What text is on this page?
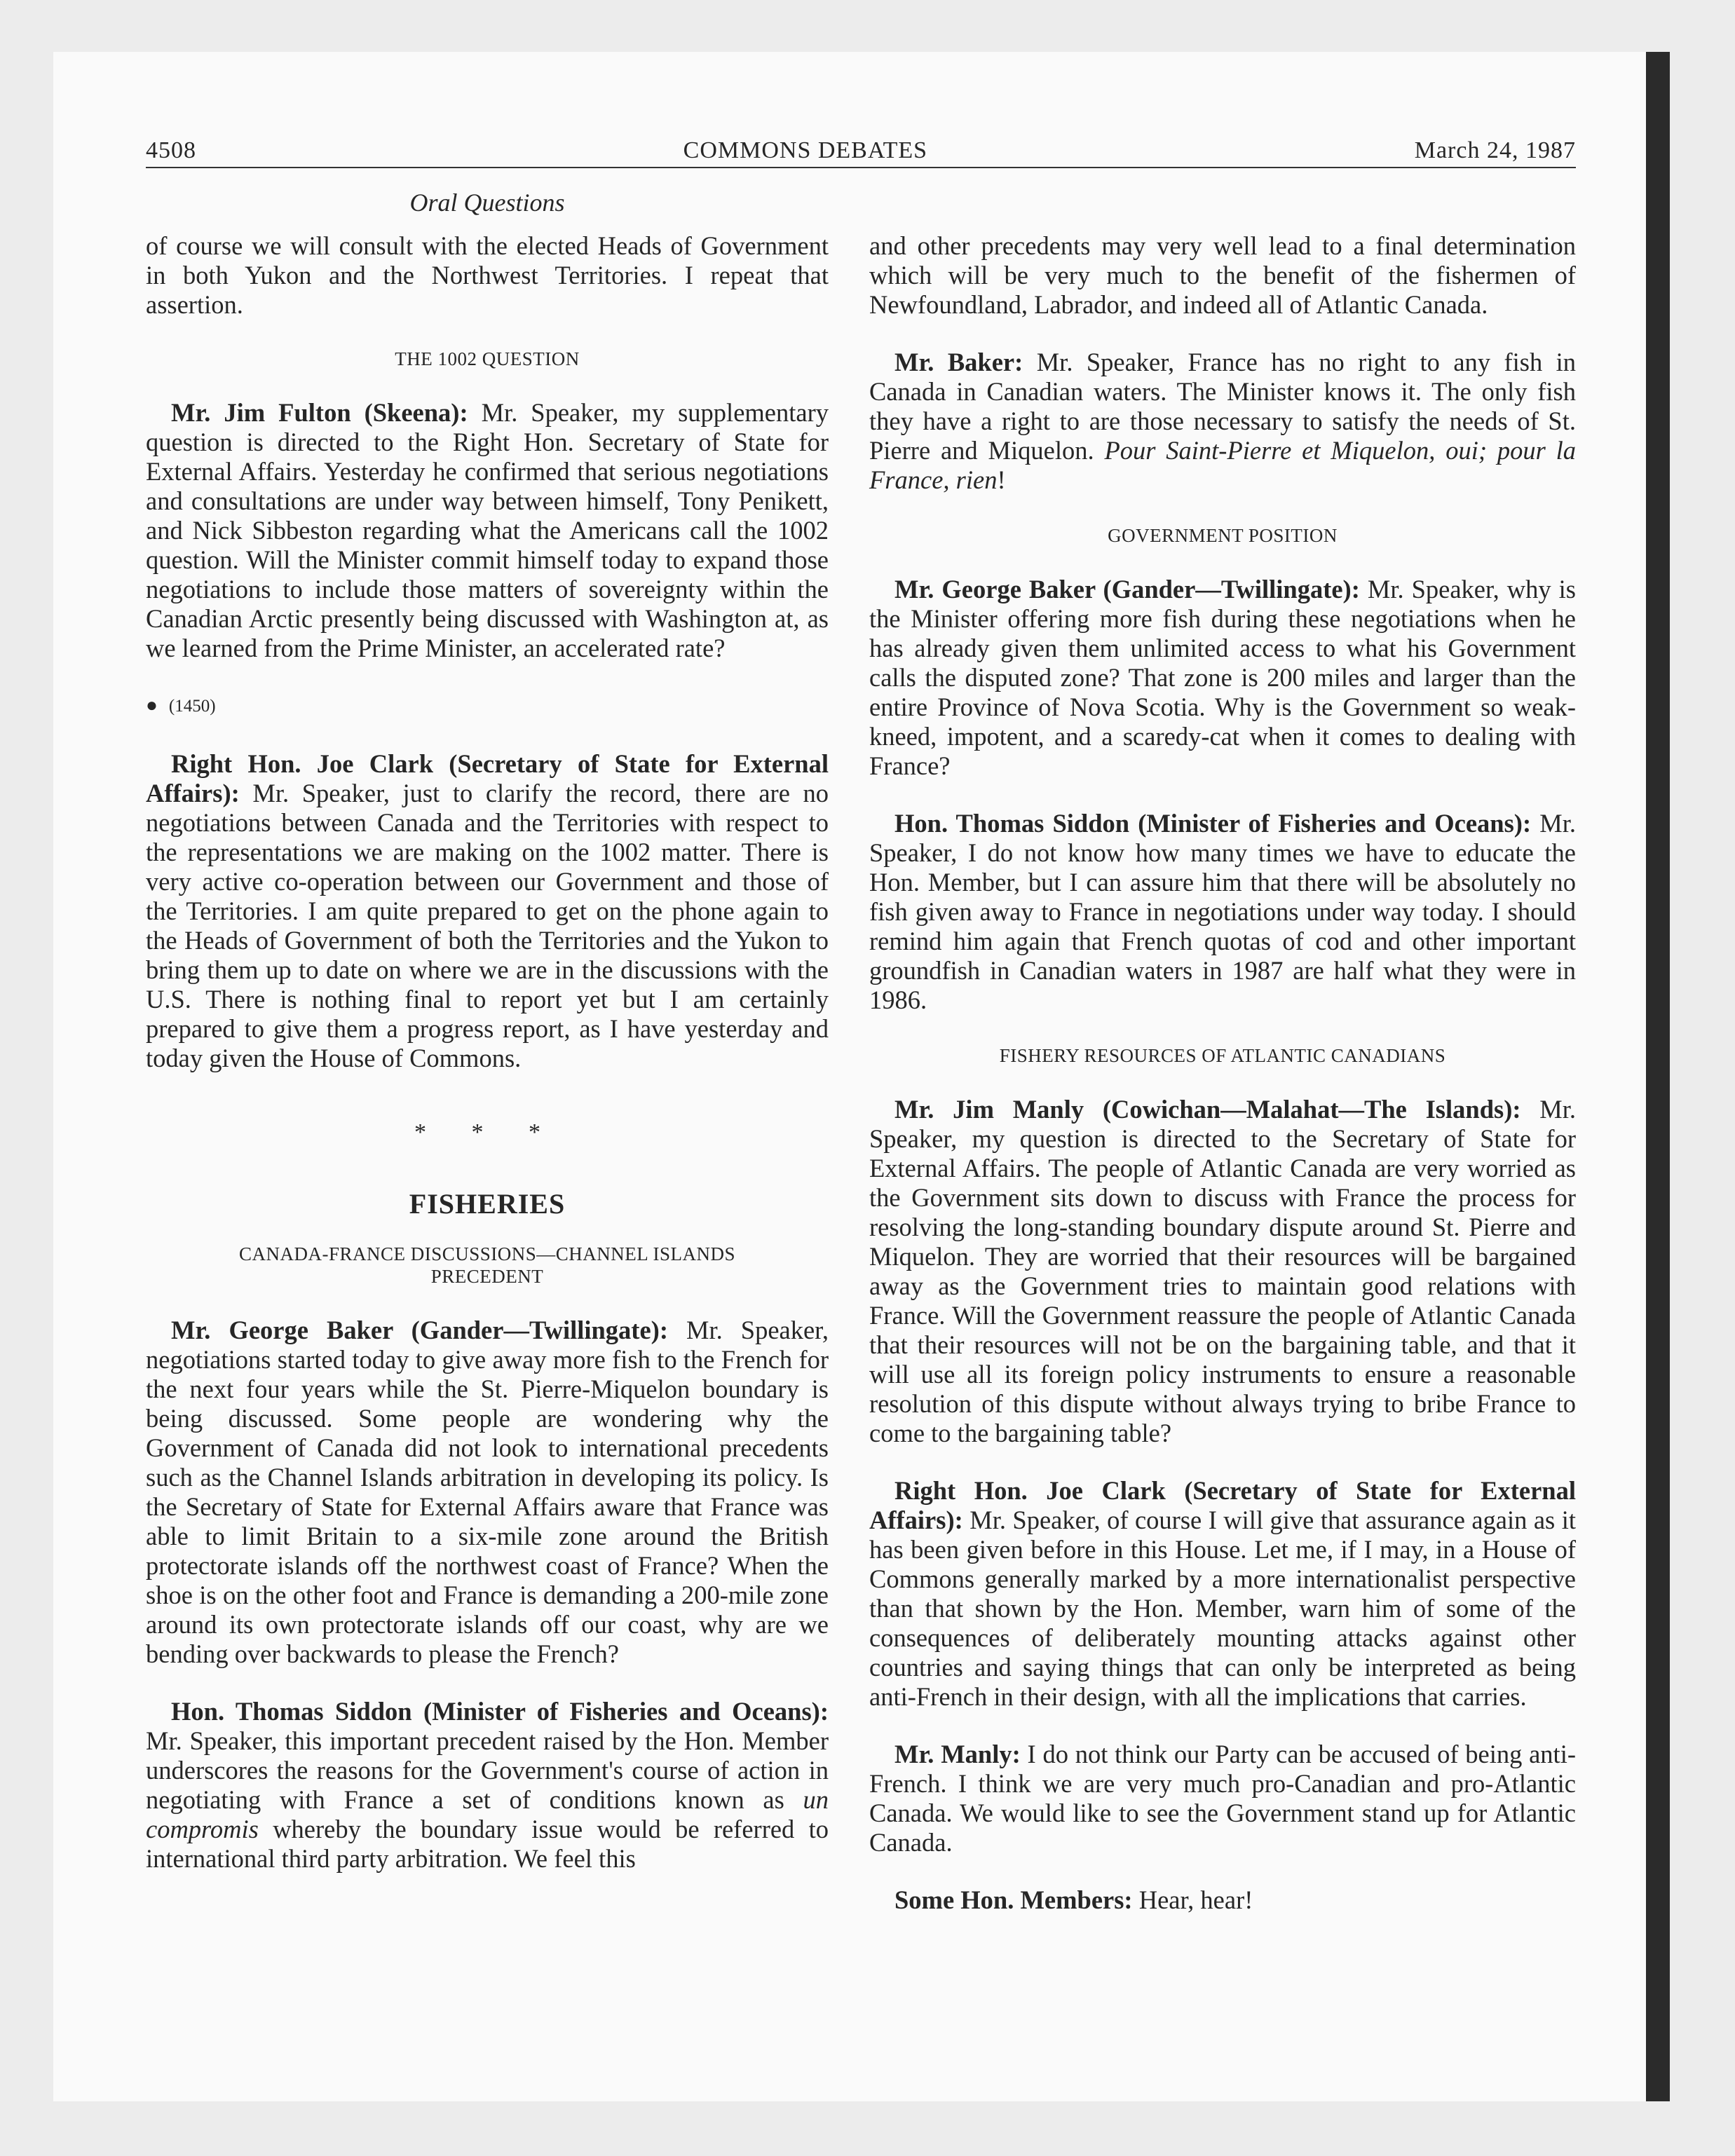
4508	COMMONS DEBATES	March 24, 1987
Oral Questions

of course we will consult with the elected Heads of Government in both Yukon and the Northwest Territories. I repeat that assertion.

THE 1002 QUESTION

Mr. Jim Fulton (Skeena): Mr. Speaker, my supplementary question is directed to the Right Hon. Secretary of State for External Affairs. Yesterday he confirmed that serious negotiations and consultations are under way between himself, Tony Penikett, and Nick Sibbeston regarding what the Americans call the 1002 question. Will the Minister commit himself today to expand those negotiations to include those matters of sovereignty within the Canadian Arctic presently being discussed with Washington at, as we learned from the Prime Minister, an accelerated rate?

● (1450)

Right Hon. Joe Clark (Secretary of State for External Affairs): Mr. Speaker, just to clarify the record, there are no negotiations between Canada and the Territories with respect to the representations we are making on the 1002 matter. There is very active co-operation between our Government and those of the Territories. I am quite prepared to get on the phone again to the Heads of Government of both the Territories and the Yukon to bring them up to date on where we are in the discussions with the U.S. There is nothing final to report yet but I am certainly prepared to give them a progress report, as I have yesterday and today given the House of Commons.

* * *
FISHERIES
CANADA-FRANCE DISCUSSIONS—CHANNEL ISLANDS
PRECEDENT

Mr. George Baker (Gander—Twillingate): Mr. Speaker, negotiations started today to give away more fish to the French for the next four years while the St. Pierre-Miquelon boundary is being discussed. Some people are wondering why the Government of Canada did not look to international precedents such as the Channel Islands arbitration in developing its policy. Is the Secretary of State for External Affairs aware that France was able to limit Britain to a six-mile zone around the British protectorate islands off the northwest coast of France? When the shoe is on the other foot and France is demanding a 200-mile zone around its own protectorate islands off our coast, why are we bending over backwards to please the French?

Hon. Thomas Siddon (Minister of Fisheries and Oceans): Mr. Speaker, this important precedent raised by the Hon. Member underscores the reasons for the Government's course of action in negotiating with France a set of conditions known as un compromis whereby the boundary issue would be referred to international third party arbitration. We feel this

and other precedents may very well lead to a final determination which will be very much to the benefit of the fishermen of Newfoundland, Labrador, and indeed all of Atlantic Canada.

Mr. Baker: Mr. Speaker, France has no right to any fish in Canada in Canadian waters. The Minister knows it. The only fish they have a right to are those necessary to satisfy the needs of St. Pierre and Miquelon. Pour Saint-Pierre et Miquelon, oui; pour la France, rien!

GOVERNMENT POSITION

Mr. George Baker (Gander—Twillingate): Mr. Speaker, why is the Minister offering more fish during these negotiations when he has already given them unlimited access to what his Government calls the disputed zone? That zone is 200 miles and larger than the entire Province of Nova Scotia. Why is the Government so weak-kneed, impotent, and a scaredy-cat when it comes to dealing with France?

Hon. Thomas Siddon (Minister of Fisheries and Oceans): Mr. Speaker, I do not know how many times we have to educate the Hon. Member, but I can assure him that there will be absolutely no fish given away to France in negotiations under way today. I should remind him again that French quotas of cod and other important groundfish in Canadian waters in 1987 are half what they were in 1986.

FISHERY RESOURCES OF ATLANTIC CANADIANS

Mr. Jim Manly (Cowichan—Malahat—The Islands): Mr. Speaker, my question is directed to the Secretary of State for External Affairs. The people of Atlantic Canada are very worried as the Government sits down to discuss with France the process for resolving the long-standing boundary dispute around St. Pierre and Miquelon. They are worried that their resources will be bargained away as the Government tries to maintain good relations with France. Will the Government reassure the people of Atlantic Canada that their resources will not be on the bargaining table, and that it will use all its foreign policy instruments to ensure a reasonable resolution of this dispute without always trying to bribe France to come to the bargaining table?

Right Hon. Joe Clark (Secretary of State for External Affairs): Mr. Speaker, of course I will give that assurance again as it has been given before in this House. Let me, if I may, in a House of Commons generally marked by a more internationalist perspective than that shown by the Hon. Member, warn him of some of the consequences of deliberately mounting attacks against other countries and saying things that can only be interpreted as being anti-French in their design, with all the implications that carries.

Mr. Manly: I do not think our Party can be accused of being anti-French. I think we are very much pro-Canadian and pro-Atlantic Canada. We would like to see the Government stand up for Atlantic Canada.

Some Hon. Members: Hear, hear!
